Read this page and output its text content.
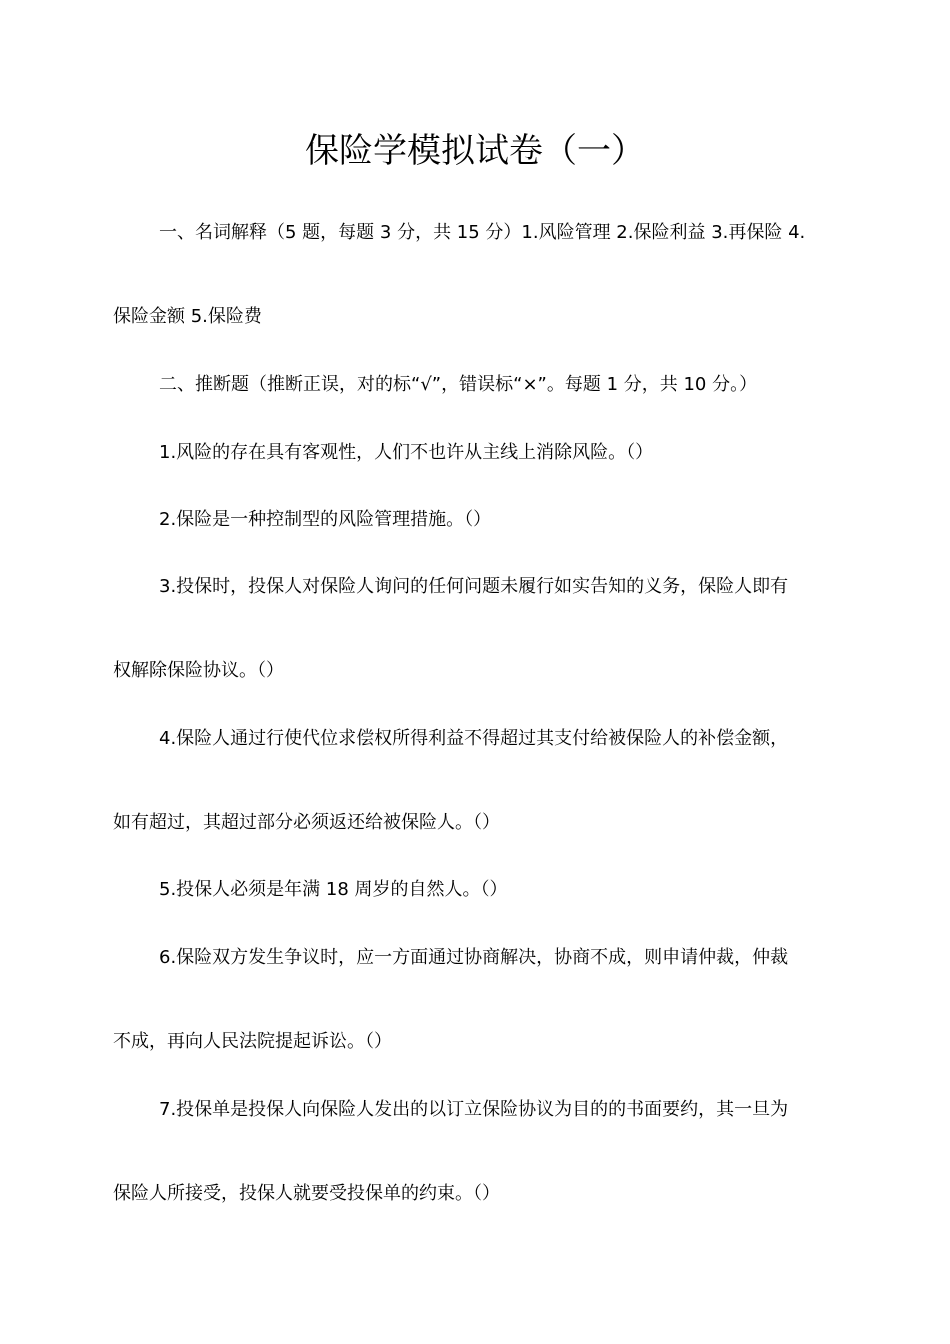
保险学模拟试卷（一）
一、名词解释（5 题，每题 3 分，共 15 分）1.风险管理 2.保险利益 3.再保险 4.
保险金额 5.保险费
二、推断题（推断正误，对的标“√”，错误标“×”。每题 1 分，共 10 分。）
1.风险的存在具有客观性，人们不也许从主线上消除风险。（）
2.保险是一种控制型的风险管理措施。（）
3.投保时，投保人对保险人询问的任何问题未履行如实告知的义务，保险人即有
权解除保险协议。（）
4.保险人通过行使代位求偿权所得利益不得超过其支付给被保险人的补偿金额，
如有超过，其超过部分必须返还给被保险人。（）
5.投保人必须是年满 18 周岁的自然人。（）
6.保险双方发生争议时，应一方面通过协商解决，协商不成，则申请仲裁，仲裁
不成，再向人民法院提起诉讼。（）
7.投保单是投保人向保险人发出的以订立保险协议为目的的书面要约，其一旦为
保险人所接受，投保人就要受投保单的约束。（）
